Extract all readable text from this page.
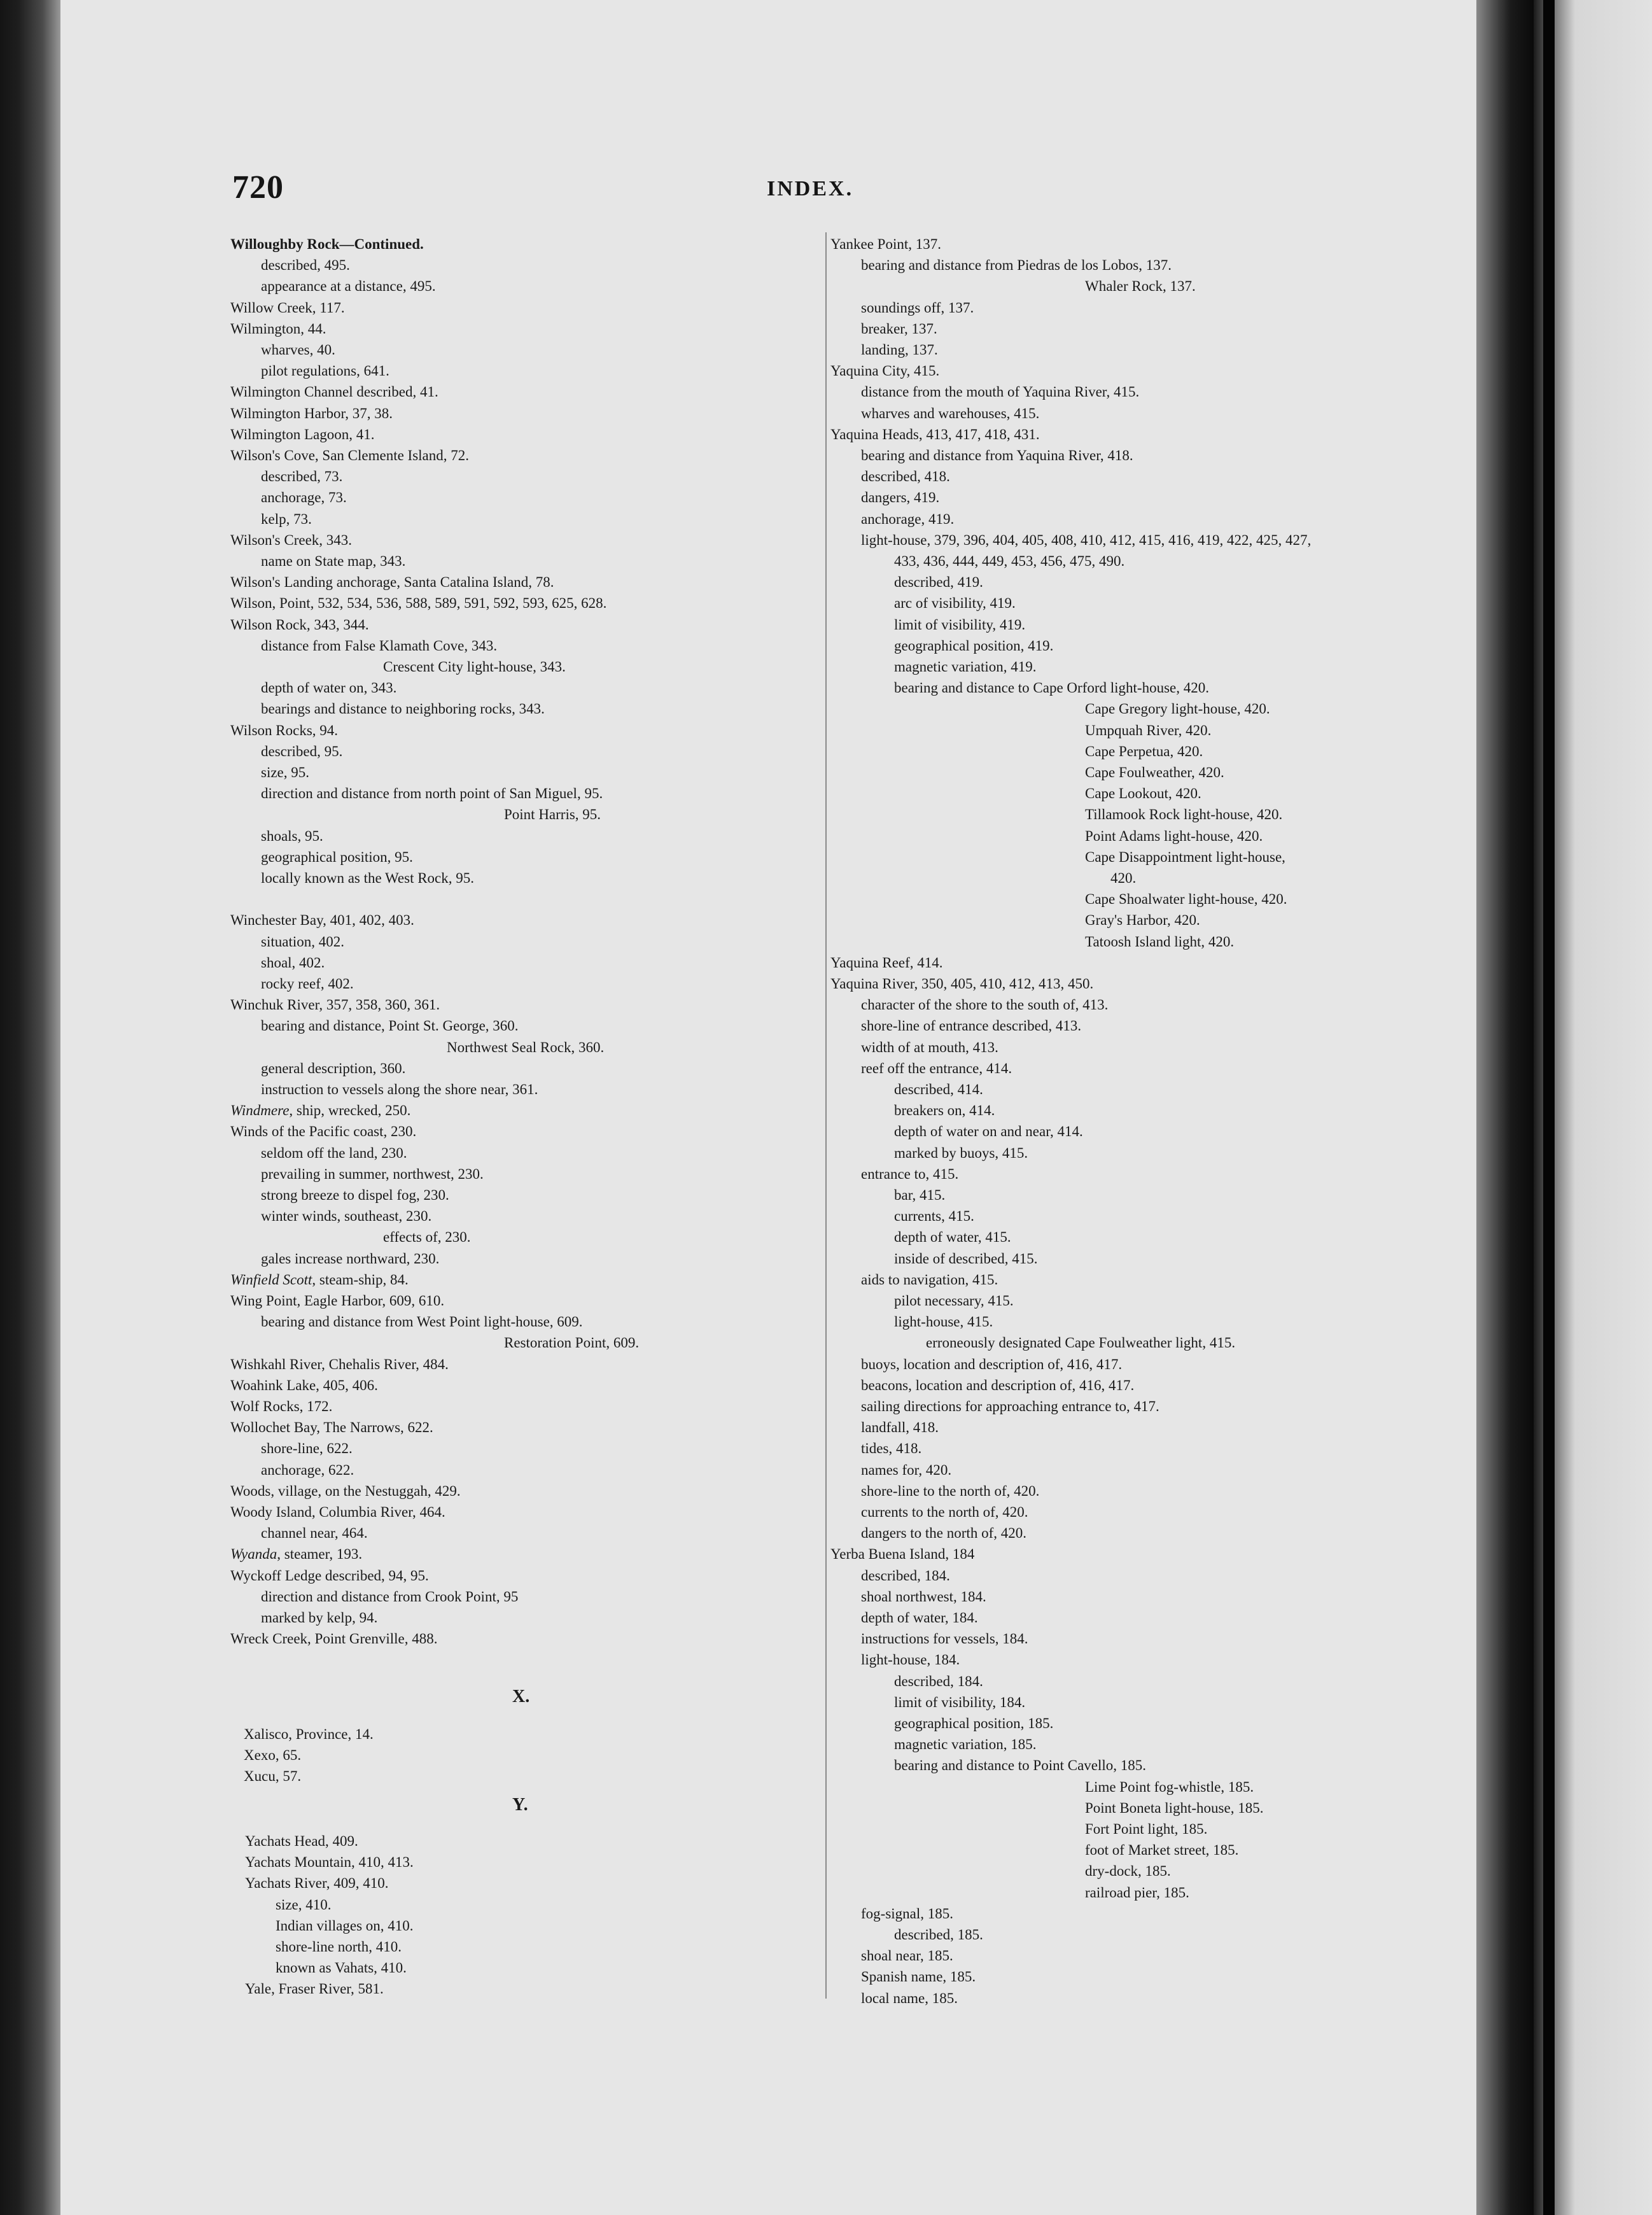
720	INDEX.
Willoughby Rock—Continued.
described, 495.
appearance at a distance, 495.
Willow Creek, 117.
Wilmington, 44.
wharves, 40.
pilot regulations, 641.
Wilmington Channel described, 41.
Wilmington Harbor, 37, 38.
Wilmington Lagoon, 41.
Wilson's Cove, San Clemente Island, 72.
described, 73.
anchorage, 73.
kelp, 73.
Wilson's Creek, 343.
name on State map, 343.
Wilson's Landing anchorage, Santa Catalina Island, 78.
Wilson, Point, 532, 534, 536, 588, 589, 591, 592, 593, 625, 628.
Wilson Rock, 343, 344.
distance from False Klamath Cove, 343.
Crescent City light-house, 343.
depth of water on, 343.
bearings and distance to neighboring rocks, 343.
Wilson Rocks, 94.
described, 95.
size, 95.
direction and distance from north point of San Miguel, 95.
Point Harris, 95.
shoals, 95.
geographical position, 95.
locally known as the West Rock, 95.
Winchester Bay, 401, 402, 403.
situation, 402.
shoal, 402.
rocky reef, 402.
Winchuk River, 357, 358, 360, 361.
bearing and distance, Point St. George, 360.
Northwest Seal Rock, 360.
general description, 360.
instruction to vessels along the shore near, 361.
Windmere, ship, wrecked, 250.
Winds of the Pacific coast, 230.
seldom off the land, 230.
prevailing in summer, northwest, 230.
strong breeze to dispel fog, 230.
winter winds, southeast, 230.
effects of, 230.
gales increase northward, 230.
Winfield Scott, steam-ship, 84.
Wing Point, Eagle Harbor, 609, 610.
bearing and distance from West Point light-house, 609.
Restoration Point, 609.
Wishkahl River, Chehalis River, 484.
Woahink Lake, 405, 406.
Wolf Rocks, 172.
Wollochet Bay, The Narrows, 622.
shore-line, 622.
anchorage, 622.
Woods, village, on the Nestuggah, 429.
Woody Island, Columbia River, 464.
channel near, 464.
Wyanda, steamer, 193.
Wyckoff Ledge described, 94, 95.
direction and distance from Crook Point, 95
marked by kelp, 94.
Wreck Creek, Point Grenville, 488.
X.
Xalisco, Province, 14.
Xexo, 65.
Xucu, 57.
Y.
Yachats Head, 409.
Yachats Mountain, 410, 413.
Yachats River, 409, 410.
size, 410.
Indian villages on, 410.
shore-line north, 410.
known as Vahats, 410.
Yale, Fraser River, 581.
Yankee Point, 137.
bearing and distance from Piedras de los Lobos, 137.
Whaler Rock, 137.
soundings off, 137.
breaker, 137.
landing, 137.
Yaquina City, 415.
distance from the mouth of Yaquina River, 415.
wharves and warehouses, 415.
Yaquina Heads, 413, 417, 418, 431.
bearing and distance from Yaquina River, 418.
described, 418.
dangers, 419.
anchorage, 419.
light-house, 379, 396, 404, 405, 408, 410, 412, 415, 416, 419, 422, 425, 427,
433, 436, 444, 449, 453, 456, 475, 490.
described, 419.
arc of visibility, 419.
limit of visibility, 419.
geographical position, 419.
magnetic variation, 419.
bearing and distance to Cape Orford light-house, 420.
Cape Gregory light-house, 420.
Umpquah River, 420.
Cape Perpetua, 420.
Cape Foulweather, 420.
Cape Lookout, 420.
Tillamook Rock light-house, 420.
Point Adams light-house, 420.
Cape Disappointment light-house,
420.
Cape Shoalwater light-house, 420.
Gray's Harbor, 420.
Tatoosh Island light, 420.
Yaquina Reef, 414.
Yaquina River, 350, 405, 410, 412, 413, 450.
character of the shore to the south of, 413.
shore-line of entrance described, 413.
width of at mouth, 413.
reef off the entrance, 414.
described, 414.
breakers on, 414.
depth of water on and near, 414.
marked by buoys, 415.
entrance to, 415.
bar, 415.
currents, 415.
depth of water, 415.
inside of described, 415.
aids to navigation, 415.
pilot necessary, 415.
light-house, 415.
erroneously designated Cape Foulweather light, 415.
buoys, location and description of, 416, 417.
beacons, location and description of, 416, 417.
sailing directions for approaching entrance to, 417.
landfall, 418.
tides, 418.
names for, 420.
shore-line to the north of, 420.
currents to the north of, 420.
dangers to the north of, 420.
Yerba Buena Island, 184
described, 184.
shoal northwest, 184.
depth of water, 184.
instructions for vessels, 184.
light-house, 184.
described, 184.
limit of visibility, 184.
geographical position, 185.
magnetic variation, 185.
bearing and distance to Point Cavello, 185.
Lime Point fog-whistle, 185.
Point Boneta light-house, 185.
Fort Point light, 185.
foot of Market street, 185.
dry-dock, 185.
railroad pier, 185.
fog-signal, 185.
described, 185.
shoal near, 185.
Spanish name, 185.
local name, 185.
